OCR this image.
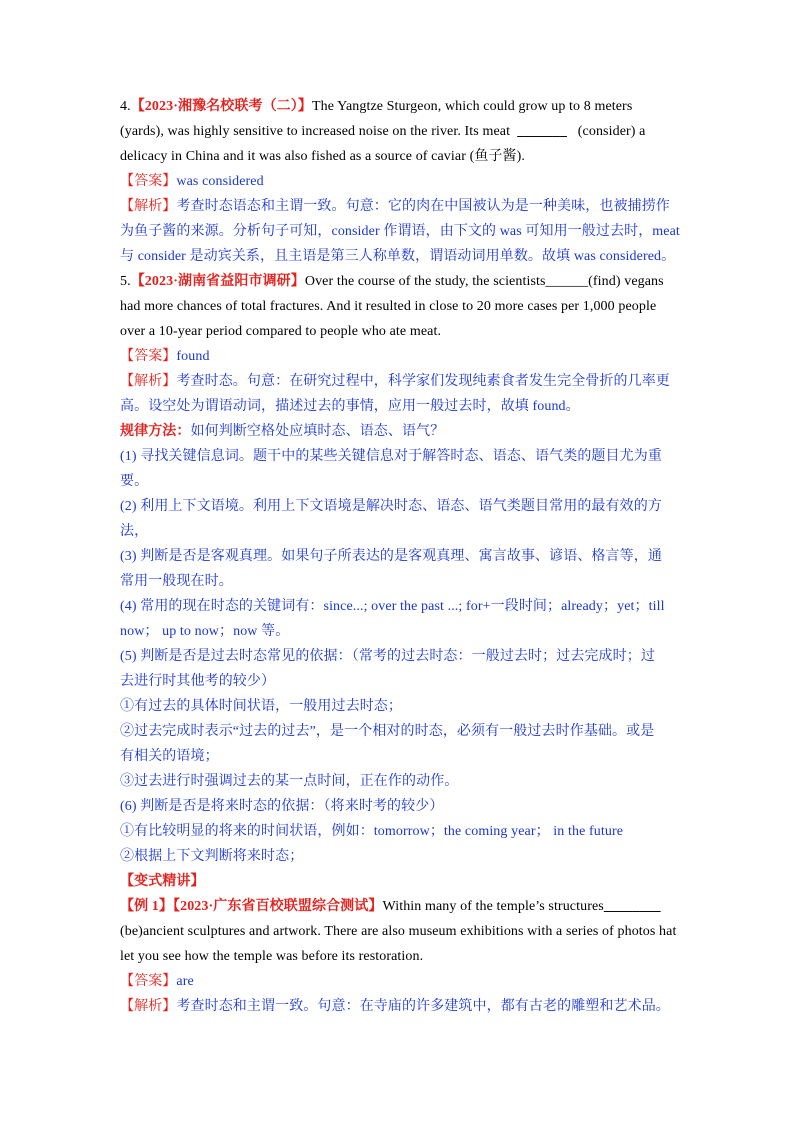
4.【2023·湘豫名校联考（二）】The Yangtze Sturgeon, which could grow up to 8 meters
(yards), was highly sensitive to increased noise on the river. Its meat _______ (consider) a
delicacy in China and it was also fished as a source of caviar (鱼子酱).
【答案】was considered
【解析】考查时态语态和主谓一致。句意：它的肉在中国被认为是一种美味，也被捕捞作
为鱼子酱的来源。分析句子可知，consider 作谓语，由下文的 was 可知用一般过去时，meat
与 consider 是动宾关系，且主语是第三人称单数，谓语动词用单数。故填 was considered。
5.【2023·湖南省益阳市调研】Over the course of the study, the scientists______(find) vegans
had more chances of total fractures. And it resulted in close to 20 more cases per 1,000 people
over a 10-year period compared to people who ate meat.
【答案】found
【解析】考查时态。句意：在研究过程中，科学家们发现纯素食者发生完全骨折的几率更
高。设空处为谓语动词，描述过去的事情，应用一般过去时，故填 found。
规律方法：如何判断空格处应填时态、语态、语气？
(1) 寻找关键信息词。题干中的某些关键信息对于解答时态、语态、语气类的题目尤为重
要。
(2) 利用上下文语境。利用上下文语境是解决时态、语态、语气类题目常用的最有效的方
法，
(3) 判断是否是客观真理。如果句子所表达的是客观真理、寓言故事、谚语、格言等，通
常用一般现在时。
(4) 常用的现在时态的关键词有：since...; over the past ...; for+一段时间；already；yet；till
now； up to now；now 等。
(5) 判断是否是过去时态常见的依据：（常考的过去时态：一般过去时；过去完成时；过
去进行时其他考的较少）
①有过去的具体时间状语，一般用过去时态；
②过去完成时表示“过去的过去”，是一个相对的时态，必须有一般过去时作基础。或是
有相关的语境；
③过去进行时强调过去的某一点时间，正在作的动作。
(6) 判断是否是将来时态的依据：（将来时考的较少）
①有比较明显的将来的时间状语，例如：tomorrow；the coming year； in the future
②根据上下文判断将来时态；
【变式精讲】
【例 1】【2023·广东省百校联盟综合测试】Within many of the temple’s structures________
(be)ancient sculptures and artwork. There are also museum exhibitions with a series of photos hat
let you see how the temple was before its restoration.
【答案】are
【解析】考查时态和主谓一致。句意：在寺庙的许多建筑中，都有古老的雕塑和艺术品。
